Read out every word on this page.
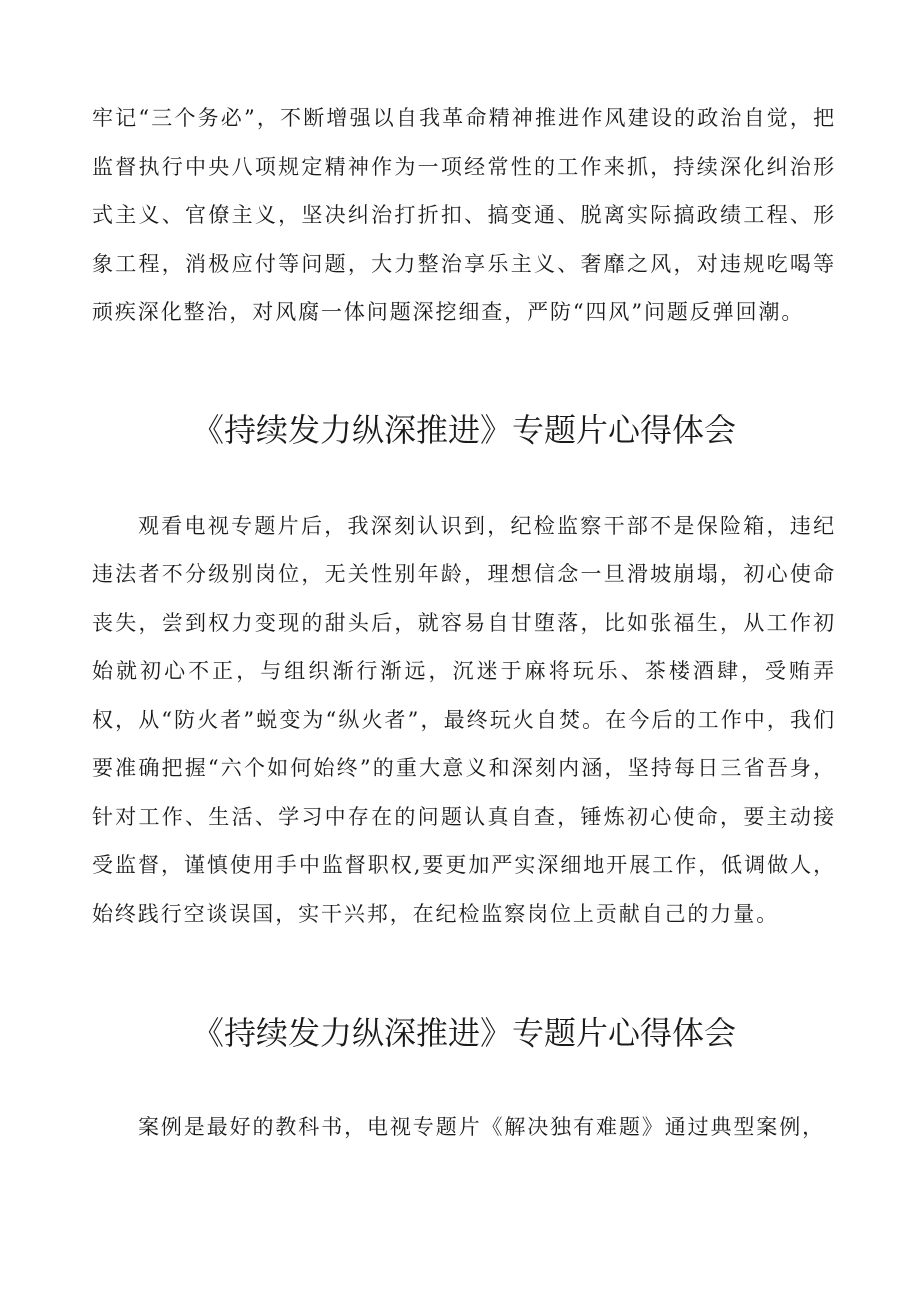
牢记“三个务必”，不断增强以自我革命精神推进作风建设的政治自觉，把监督执行中央八项规定精神作为一项经常性的工作来抓，持续深化纠治形式主义、官僚主义，坚决纠治打折扣、搞变通、脱离实际搞政绩工程、形象工程，消极应付等问题，大力整治享乐主义、奢靡之风，对违规吃喝等顽疾深化整治，对风腐一体问题深挖细查，严防“四风”问题反弹回潮。

《持续发力纵深推进》专题片心得体会

观看电视专题片后，我深刻认识到，纪检监察干部不是保险箱，违纪违法者不分级别岗位，无关性别年龄，理想信念一旦滑坡崩塌，初心使命丧失，尝到权力变现的甜头后，就容易自甘堕落，比如张福生，从工作初始就初心不正，与组织渐行渐远，沉迷于麻将玩乐、茶楼酒肆，受贿弄权，从“防火者”蜕变为“纵火者”，最终玩火自焚。在今后的工作中，我们要准确把握“六个如何始终”的重大意义和深刻内涵，坚持每日三省吾身，针对工作、生活、学习中存在的问题认真自查，锤炼初心使命，要主动接受监督，谨慎使用手中监督职权,要更加严实深细地开展工作，低调做人，始终践行空谈误国，实干兴邦，在纪检监察岗位上贡献自己的力量。

《持续发力纵深推进》专题片心得体会

案例是最好的教科书，电视专题片《解决独有难题》通过典型案例，
